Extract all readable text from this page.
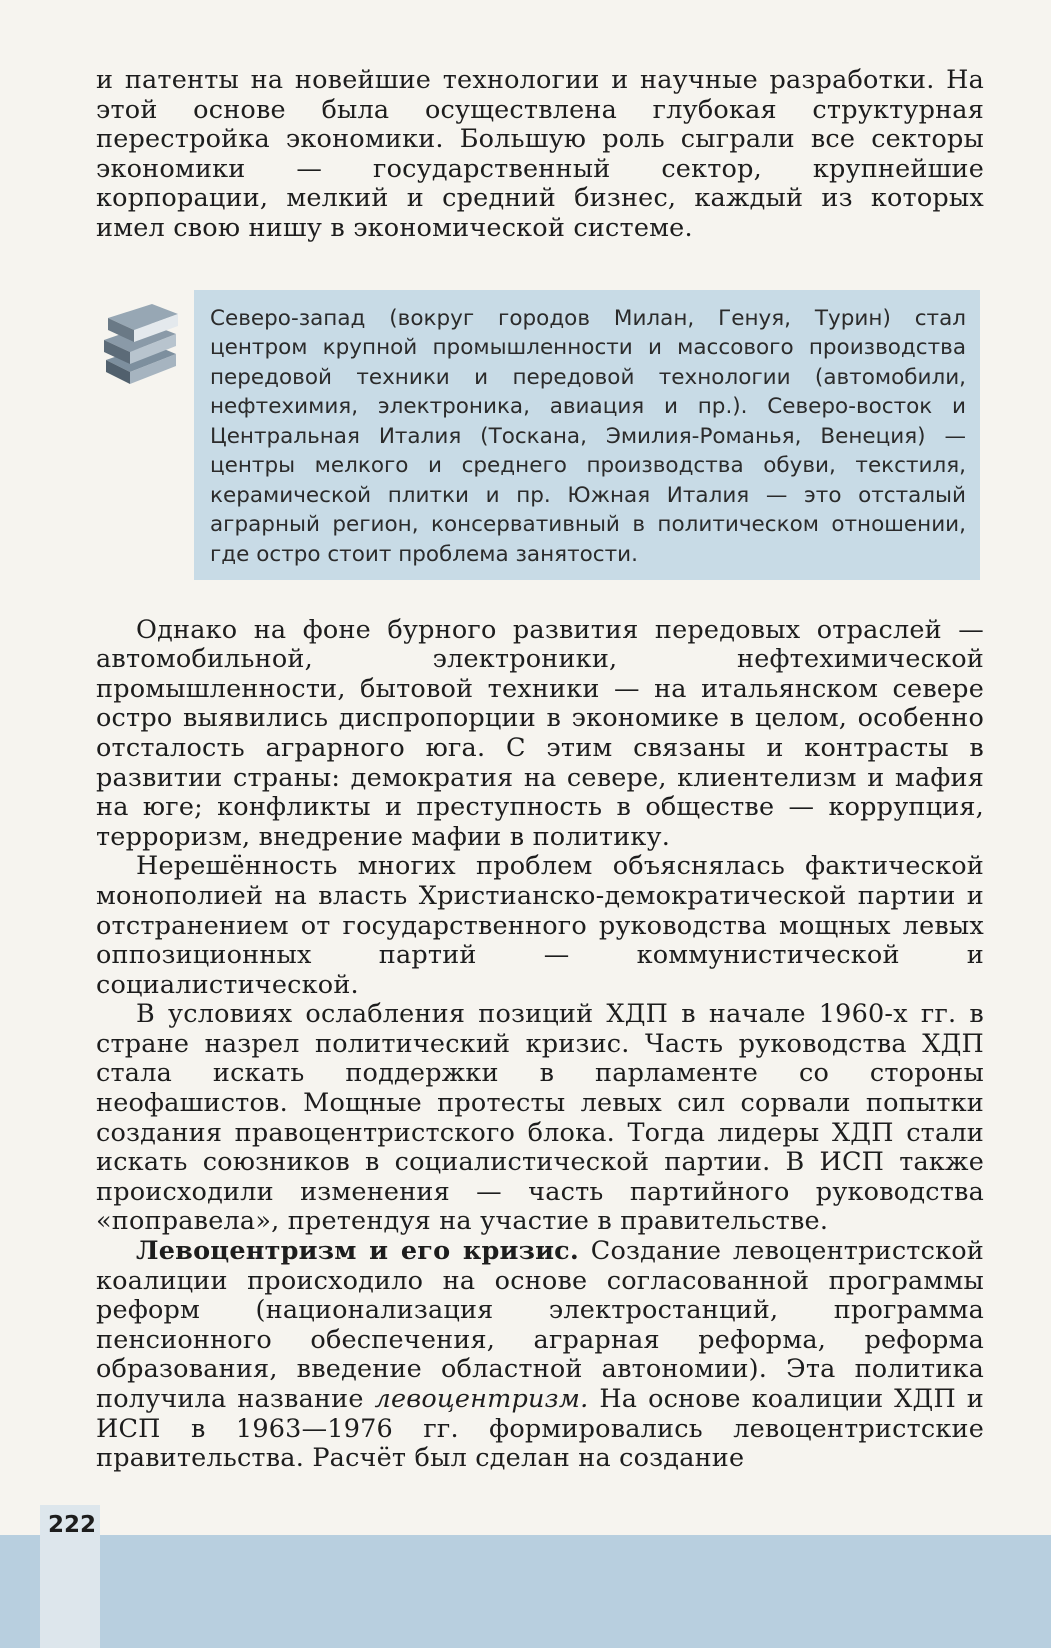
и патенты на новейшие технологии и научные разработки. На этой основе была осуществлена глубокая структурная перестройка экономики. Большую роль сыграли все секторы экономики — государственный сектор, крупнейшие корпорации, мелкий и средний бизнес, каждый из которых имел свою нишу в экономической системе.

Северо-запад (вокруг городов Милан, Генуя, Турин) стал центром крупной промышленности и массового производства передовой техники и передовой технологии (автомобили, нефтехимия, электроника, авиация и пр.). Северо-восток и Центральная Италия (Тоскана, Эмилия-Романья, Венеция) — центры мелкого и среднего производства обуви, текстиля, керамической плитки и пр. Южная Италия — это отсталый аграрный регион, консервативный в политическом отношении, где остро стоит проблема занятости.

Однако на фоне бурного развития передовых отраслей — автомобильной, электроники, нефтехимической промышленности, бытовой техники — на итальянском севере остро выявились диспропорции в экономике в целом, особенно отсталость аграрного юга. С этим связаны и контрасты в развитии страны: демократия на севере, клиентелизм и мафия на юге; конфликты и преступность в обществе — коррупция, терроризм, внедрение мафии в политику.

Нерешённость многих проблем объяснялась фактической монополией на власть Христианско-демократической партии и отстранением от государственного руководства мощных левых оппозиционных партий — коммунистической и социалистической.

В условиях ослабления позиций ХДП в начале 1960-х гг. в стране назрел политический кризис. Часть руководства ХДП стала искать поддержки в парламенте со стороны неофашистов. Мощные протесты левых сил сорвали попытки создания правоцентристского блока. Тогда лидеры ХДП стали искать союзников в социалистической партии. В ИСП также происходили изменения — часть партийного руководства «поправела», претендуя на участие в правительстве.

Левоцентризм и его кризис. Создание левоцентристской коалиции происходило на основе согласованной программы реформ (национализация электростанций, программа пенсионного обеспечения, аграрная реформа, реформа образования, введение областной автономии). Эта политика получила название левоцентризм. На основе коалиции ХДП и ИСП в 1963—1976 гг. формировались левоцентристские правительства. Расчёт был сделан на создание

222
